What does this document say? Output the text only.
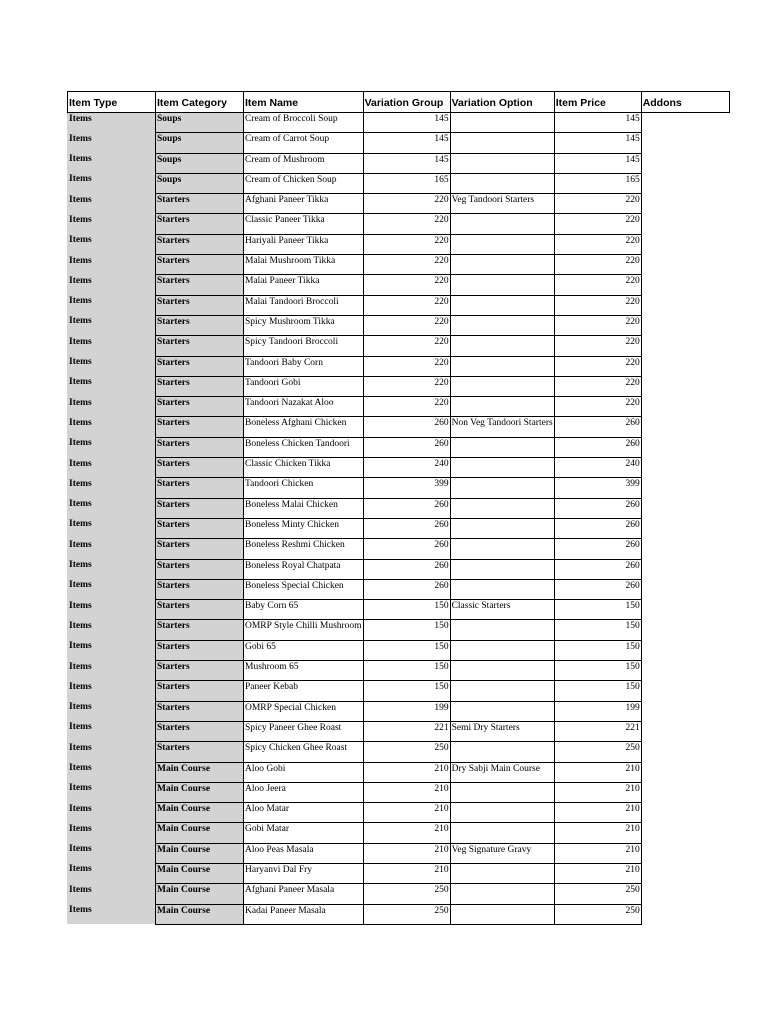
Item Type	Item Category	Item Name	Variation Group	Variation Option	Item Price	Addons
Items	Soups	Cream of Broccoli Soup	145		145	
Items	Soups	Cream of Carrot Soup	145		145	
Items	Soups	Cream of Mushroom	145		145	
Items	Soups	Cream of Chicken Soup	165		165	
Items	Starters	Afghani Paneer Tikka	220	Veg Tandoori Starters	220	
Items	Starters	Classic Paneer Tikka	220		220	
Items	Starters	Hariyali Paneer Tikka	220		220	
Items	Starters	Malai Mushroom Tikka	220		220	
Items	Starters	Malai Paneer Tikka	220		220	
Items	Starters	Malai Tandoori Broccoli	220		220	
Items	Starters	Spicy Mushroom Tikka	220		220	
Items	Starters	Spicy Tandoori Broccoli	220		220	
Items	Starters	Tandoori Baby Corn	220		220	
Items	Starters	Tandoori Gobi	220		220	
Items	Starters	Tandoori Nazakat Aloo	220		220	
Items	Starters	Boneless Afghani Chicken	260	Non Veg Tandoori Starters	260	
Items	Starters	Boneless Chicken Tandoori	260		260	
Items	Starters	Classic Chicken Tikka	240		240	
Items	Starters	Tandoori Chicken	399		399	
Items	Starters	Boneless Malai Chicken	260		260	
Items	Starters	Boneless Minty Chicken	260		260	
Items	Starters	Boneless Reshmi Chicken	260		260	
Items	Starters	Boneless Royal Chatpata	260		260	
Items	Starters	Boneless Special Chicken	260		260	
Items	Starters	Baby Corn 65	150	Classic Starters	150	
Items	Starters	OMRP Style Chilli Mushroom	150		150	
Items	Starters	Gobi 65	150		150	
Items	Starters	Mushroom 65	150		150	
Items	Starters	Paneer Kebab	150		150	
Items	Starters	OMRP Special Chicken	199		199	
Items	Starters	Spicy Paneer Ghee Roast	221	Semi Dry Starters	221	
Items	Starters	Spicy Chicken Ghee Roast	250		250	
Items	Main Course	Aloo Gobi	210	Dry Sabji Main Course	210	
Items	Main Course	Aloo Jeera	210		210	
Items	Main Course	Aloo Matar	210		210	
Items	Main Course	Gobi Matar	210		210	
Items	Main Course	Aloo Peas Masala	210	Veg Signature Gravy	210	
Items	Main Course	Haryanvi Dal Fry	210		210	
Items	Main Course	Afghani Paneer Masala	250		250	
Items	Main Course	Kadai Paneer Masala	250		250	
